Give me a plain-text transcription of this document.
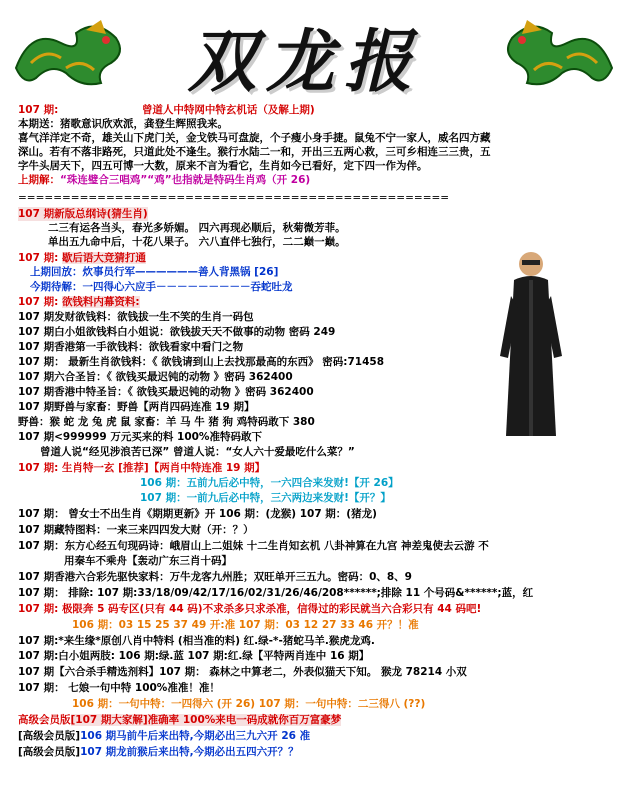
双龙报
107 期:	曾道人中特网中特玄机话（及解上期)
本期送：猪歌意识欣欢派，龚登生辉照我来。
喜气洋洋定不奇，雄关山下虎门关，金戈铁马可盘旋，个子瘦小身手捷。鼠兔不宁一家人，威名四方藏
深山。若有不落非路死，只道此处不逢生。猴行水陆二一和，开出三五两心救，三可乡相连三三贵，五
字牛头居天下，四五可博一大数，原来不言为看它，生肖如今已看好，定下四一作为伴。
上期解：“珠连璧合三唱鸡”“鸡”也指就是特码生肖鸡（开 26)
=================================================
107 期新版总纲诗(猜生肖)
二三有运各当头，春光多娇媚。 四六再现必顺后，秋菊微芳菲。
单出五九命中后，十花八果子。 六八直伴七独行，二二巅一巅。
107 期: 歇后语大竞猜打通
上期回放：炊事员行军——————善人背黑锅 [26]
今期待解：一四得心六应手－－－－－－－－－吞蛇吐龙
107 期: 欲钱料内幕资料:
107 期发财欲钱料：欲钱拔一生不笑的生肖一码包
107 期白小姐欲钱料白小姐说：欲钱拔天天不做事的动物 密码 249
107 期香港第一手欲钱料：欲钱看家中看门之物
107 期： 最新生肖欲钱料：《 欲钱请到山上去找那最高的东西》 密码:71458
107 期六合圣旨：《 欲钱买最迟钝的动物 》密码 362400
107 期香港中特圣旨：《 欲钱买最迟钝的动物 》密码 362400
107 期野兽与家畜：野兽【两肖四码连准 19 期】
野兽：猴 蛇 龙 兔 虎 鼠 家畜：羊 马 牛 猪 狗 鸡特码敢下 380
107 期<999999 万元买来的料 100%准特码敢下
曾道人说“经见涉浪苦已深” 曾道人说：“女人六十爱最吃什么菜？”
107 期: 生肖特一玄 [推荐]【两肖中特连准 19 期】
106 期：五前九后必中特，一六四合来发财!【开 26】
107 期：一前九后必中特，三六两边来发财!【开？】
107 期： 曾女士不出生肖《期期更新》开 106 期：(龙猴) 107 期：(猪龙)
107 期藏特图料：一来三来四四发大财（开：？）
107 期：东方心经五句现码诗：峨眉山上二姐妹 十二生肖知玄机 八卦神算在九宫 神差鬼使去云游 不
用秦车不乘舟【轰动广东三肖十码】
107 期香港六合彩先驱快家料：万牛龙客九州胜；双旺单开三五九。密码：0、8、9
107 期： 排除: 107 期:33/18/09/42/17/16/02/31/26/46/208******;排除 11 个号码&******;蓝，红
107 期: 极限奔 5 码专区(只有 44 码)不求杀多只求杀准，信得过的彩民就当六合彩只有 44 码吧!
106 期：03 15 25 37 49 开:准 107 期：03 12 27 33 46 开？！准
107 期:*来生缘*原创八肖中特料 (相当准的料) 红.绿-*-猪蛇马羊.猴虎龙鸡.
107 期:白小姐两肢: 106 期:绿.蓝 107 期:红.绿【平特两肖连中 16 期】
107 期【六合杀手精选剂料】107 期： 森林之中算老二，外表似猫天下知。 猴龙 78214 小双
107 期： 七娘一句中特 100%准准！准！
106 期：一句中特：一四得六 (开 26) 107 期：一句中特：二三得八 (??)
高级会员版[107 期大家解]准确率 100%来电一码成就你百万富豪梦
[高级会员版]106 期马前牛后来出特,今期必出三九六开 26 准
[高级会员版]107 期龙前猴后来出特,今期必出五四六开？？
